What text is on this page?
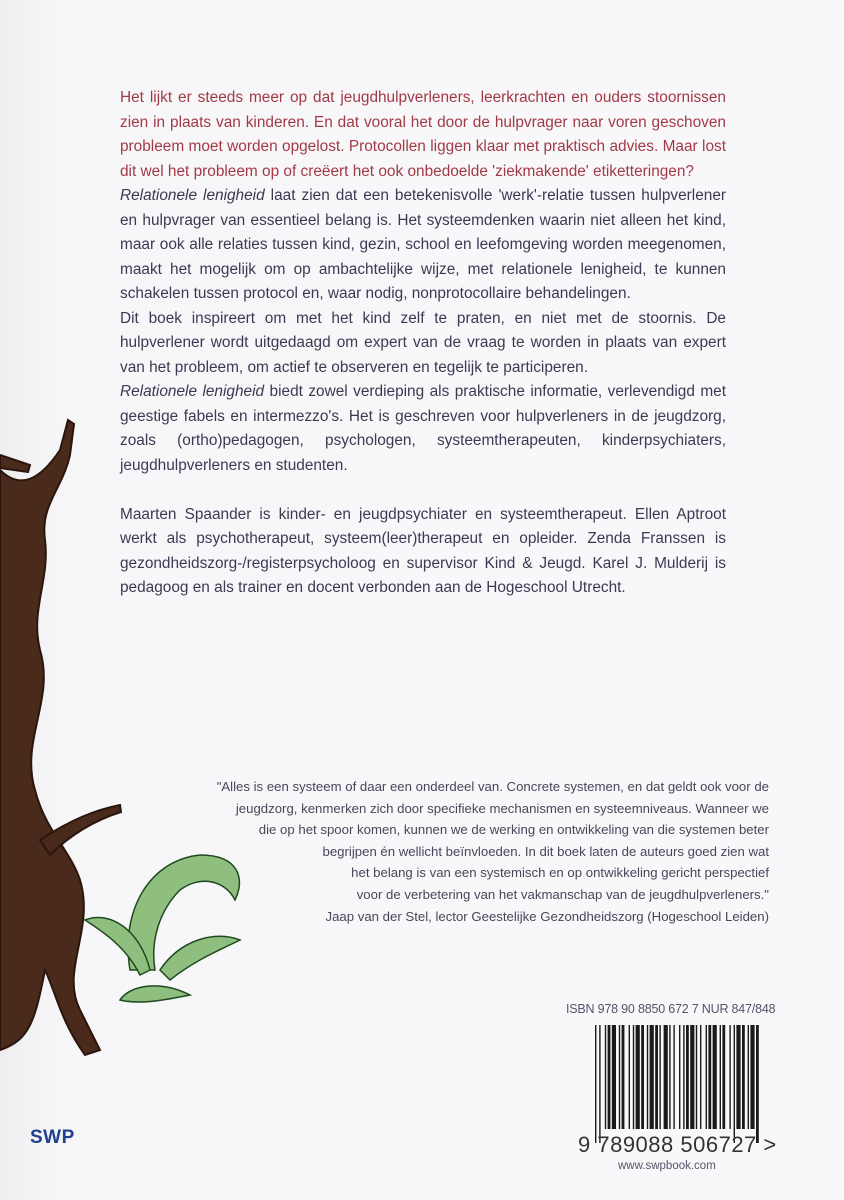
Het lijkt er steeds meer op dat jeugdhulpverleners, leerkrachten en ouders stoornissen zien in plaats van kinderen. En dat vooral het door de hulpvrager naar voren geschoven probleem moet worden opgelost. Protocollen liggen klaar met praktisch advies. Maar lost dit wel het probleem op of creëert het ook onbedoelde 'ziekmakende' etiketteringen?

Relationele lenigheid laat zien dat een betekenisvolle 'werk'-relatie tussen hulpverlener en hulpvrager van essentieel belang is. Het systeemdenken waarin niet alleen het kind, maar ook alle relaties tussen kind, gezin, school en leefomgeving worden meegenomen, maakt het mogelijk om op ambachtelijke wijze, met relationele lenigheid, te kunnen schakelen tussen protocol en, waar nodig, nonprotocollaire behandelingen.

Dit boek inspireert om met het kind zelf te praten, en niet met de stoornis. De hulpverlener wordt uitgedaagd om expert van de vraag te worden in plaats van expert van het probleem, om actief te observeren en tegelijk te participeren.

Relationele lenigheid biedt zowel verdieping als praktische informatie, verlevendigd met geestige fabels en intermezzo's. Het is geschreven voor hulpverleners in de jeugdzorg, zoals (ortho)pedagogen, psychologen, systeemtherapeuten, kinderpsychiaters, jeugdhulpverleners en studenten.

Maarten Spaander is kinder- en jeugdpsychiater en systeemtherapeut. Ellen Aptroot werkt als psychotherapeut, systeem(leer)therapeut en opleider. Zenda Franssen is gezondheidszorg-/registerpsycholoog en supervisor Kind & Jeugd. Karel J. Mulderij is pedagoog en als trainer en docent verbonden aan de Hogeschool Utrecht.

"Alles is een systeem of daar een onderdeel van. Concrete systemen, en dat geldt ook voor de

jeugdzorg, kenmerken zich door specifieke mechanismen en systeemniveaus. Wanneer we

die op het spoor komen, kunnen we de werking en ontwikkeling van die systemen beter

begrijpen én wellicht beïnvloeden. In dit boek laten de auteurs goed zien wat

het belang is van een systemisch en op ontwikkeling gericht perspectief

voor de verbetering van het vakmanschap van de jeugdhulpverleners."

Jaap van der Stel, lector Geestelijke Gezondheidszorg (Hogeschool Leiden)

ISBN 978 90 8850 672 7 NUR 847/848
9 789088 506727 >
www.swpbook.com
SWP
